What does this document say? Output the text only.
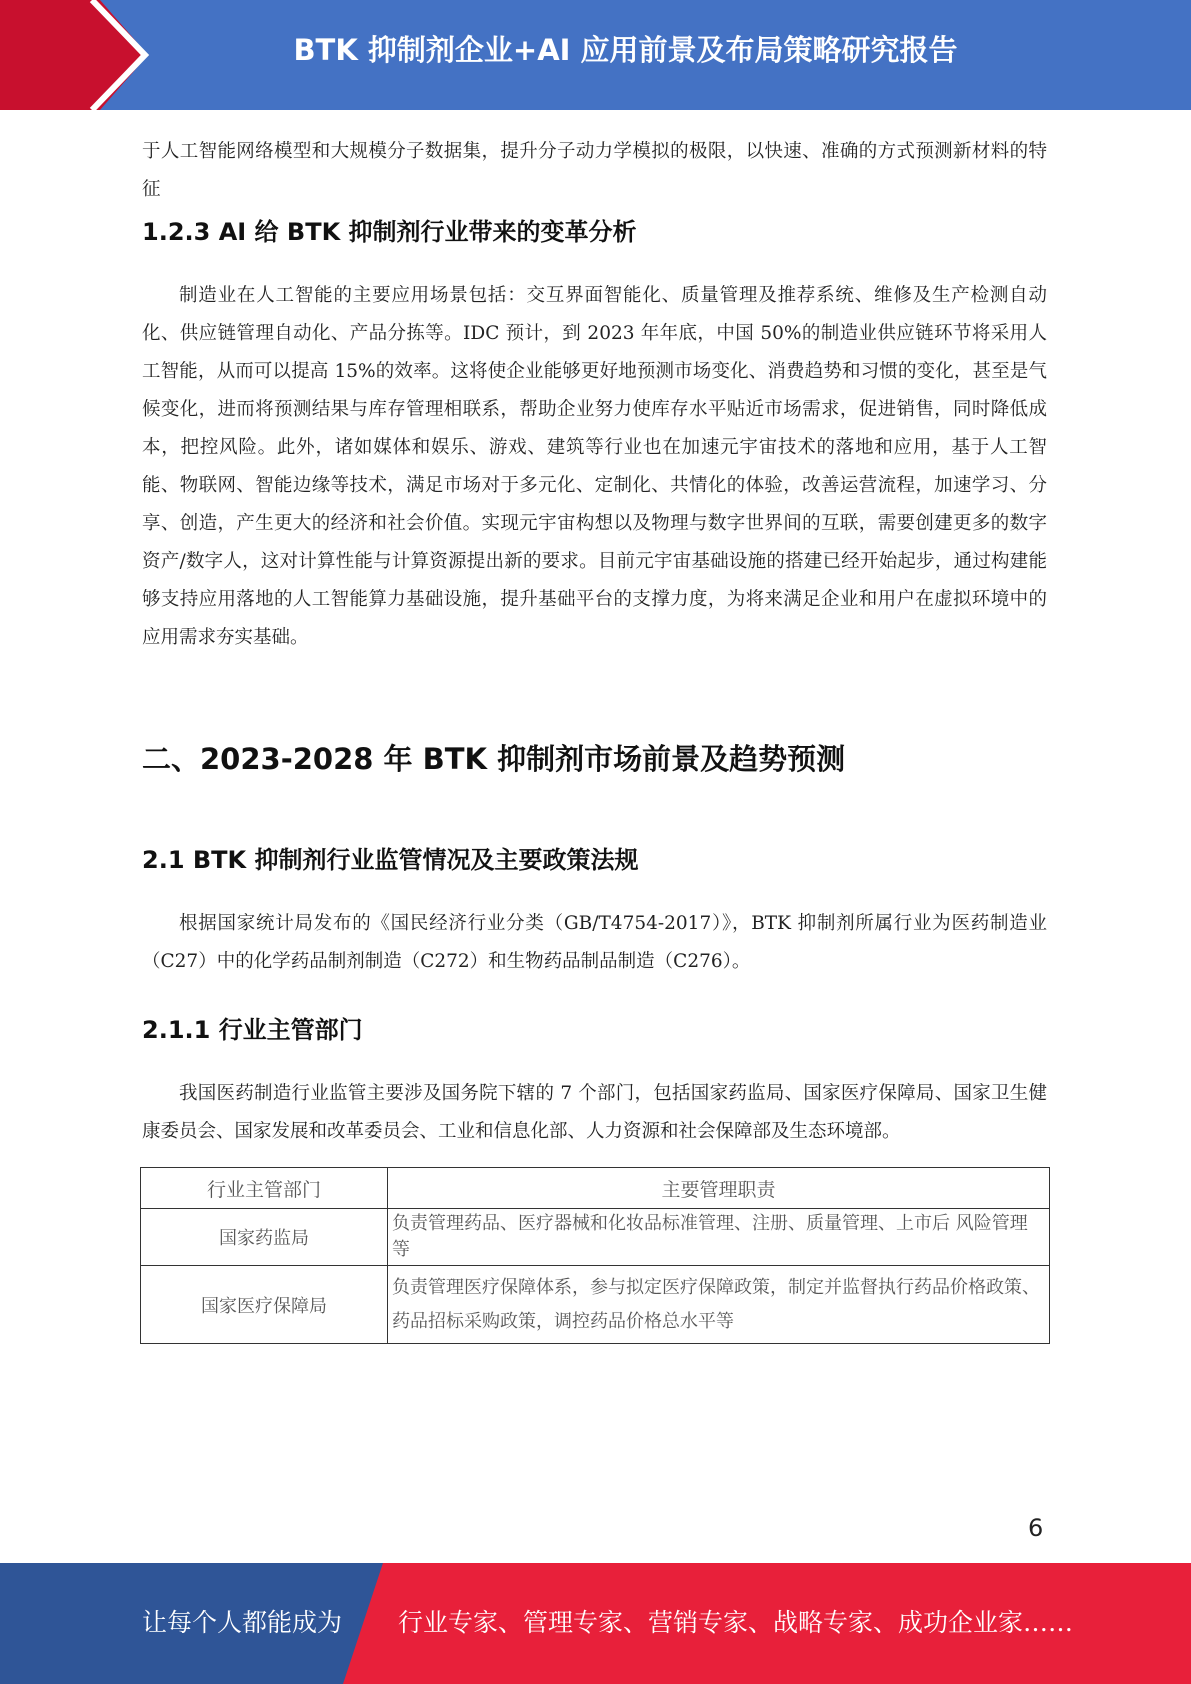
BTK 抑制剂企业+AI 应用前景及布局策略研究报告

于人工智能网络模型和大规模分子数据集，提升分子动力学模拟的极限，以快速、准确的方式预测新材料的特征

1.2.3 AI 给 BTK 抑制剂行业带来的变革分析

制造业在人工智能的主要应用场景包括：交互界面智能化、质量管理及推荐系统、维修及生产检测自动化、供应链管理自动化、产品分拣等。IDC 预计，到 2023 年年底，中国 50%的制造业供应链环节将采用人工智能，从而可以提高 15%的效率。这将使企业能够更好地预测市场变化、消费趋势和习惯的变化，甚至是气候变化，进而将预测结果与库存管理相联系，帮助企业努力使库存水平贴近市场需求，促进销售，同时降低成本，把控风险。此外，诸如媒体和娱乐、游戏、建筑等行业也在加速元宇宙技术的落地和应用，基于人工智能、物联网、智能边缘等技术，满足市场对于多元化、定制化、共情化的体验，改善运营流程，加速学习、分享、创造，产生更大的经济和社会价值。实现元宇宙构想以及物理与数字世界间的互联，需要创建更多的数字资产/数字人，这对计算性能与计算资源提出新的要求。目前元宇宙基础设施的搭建已经开始起步，通过构建能够支持应用落地的人工智能算力基础设施，提升基础平台的支撑力度，为将来满足企业和用户在虚拟环境中的应用需求夯实基础。

二、2023-2028 年 BTK 抑制剂市场前景及趋势预测
2.1 BTK 抑制剂行业监管情况及主要政策法规

根据国家统计局发布的《国民经济行业分类（GB/T4754-2017）》，BTK 抑制剂所属行业为医药制造业（C27）中的化学药品制剂制造（C272）和生物药品制品制造（C276）。

2.1.1 行业主管部门

我国医药制造行业监管主要涉及国务院下辖的 7 个部门，包括国家药监局、国家医疗保障局、国家卫生健康委员会、国家发展和改革委员会、工业和信息化部、人力资源和社会保障部及生态环境部。

行业主管部门	主要管理职责
国家药监局	负责管理药品、医疗器械和化妆品标准管理、注册、质量管理、上市后 风险管理等
国家医疗保障局	负责管理医疗保障体系，参与拟定医疗保障政策，制定并监督执行药品价格政策、药品招标采购政策，调控药品价格总水平等
6
让每个人都能成为 行业专家、管理专家、营销专家、战略专家、成功企业家……
